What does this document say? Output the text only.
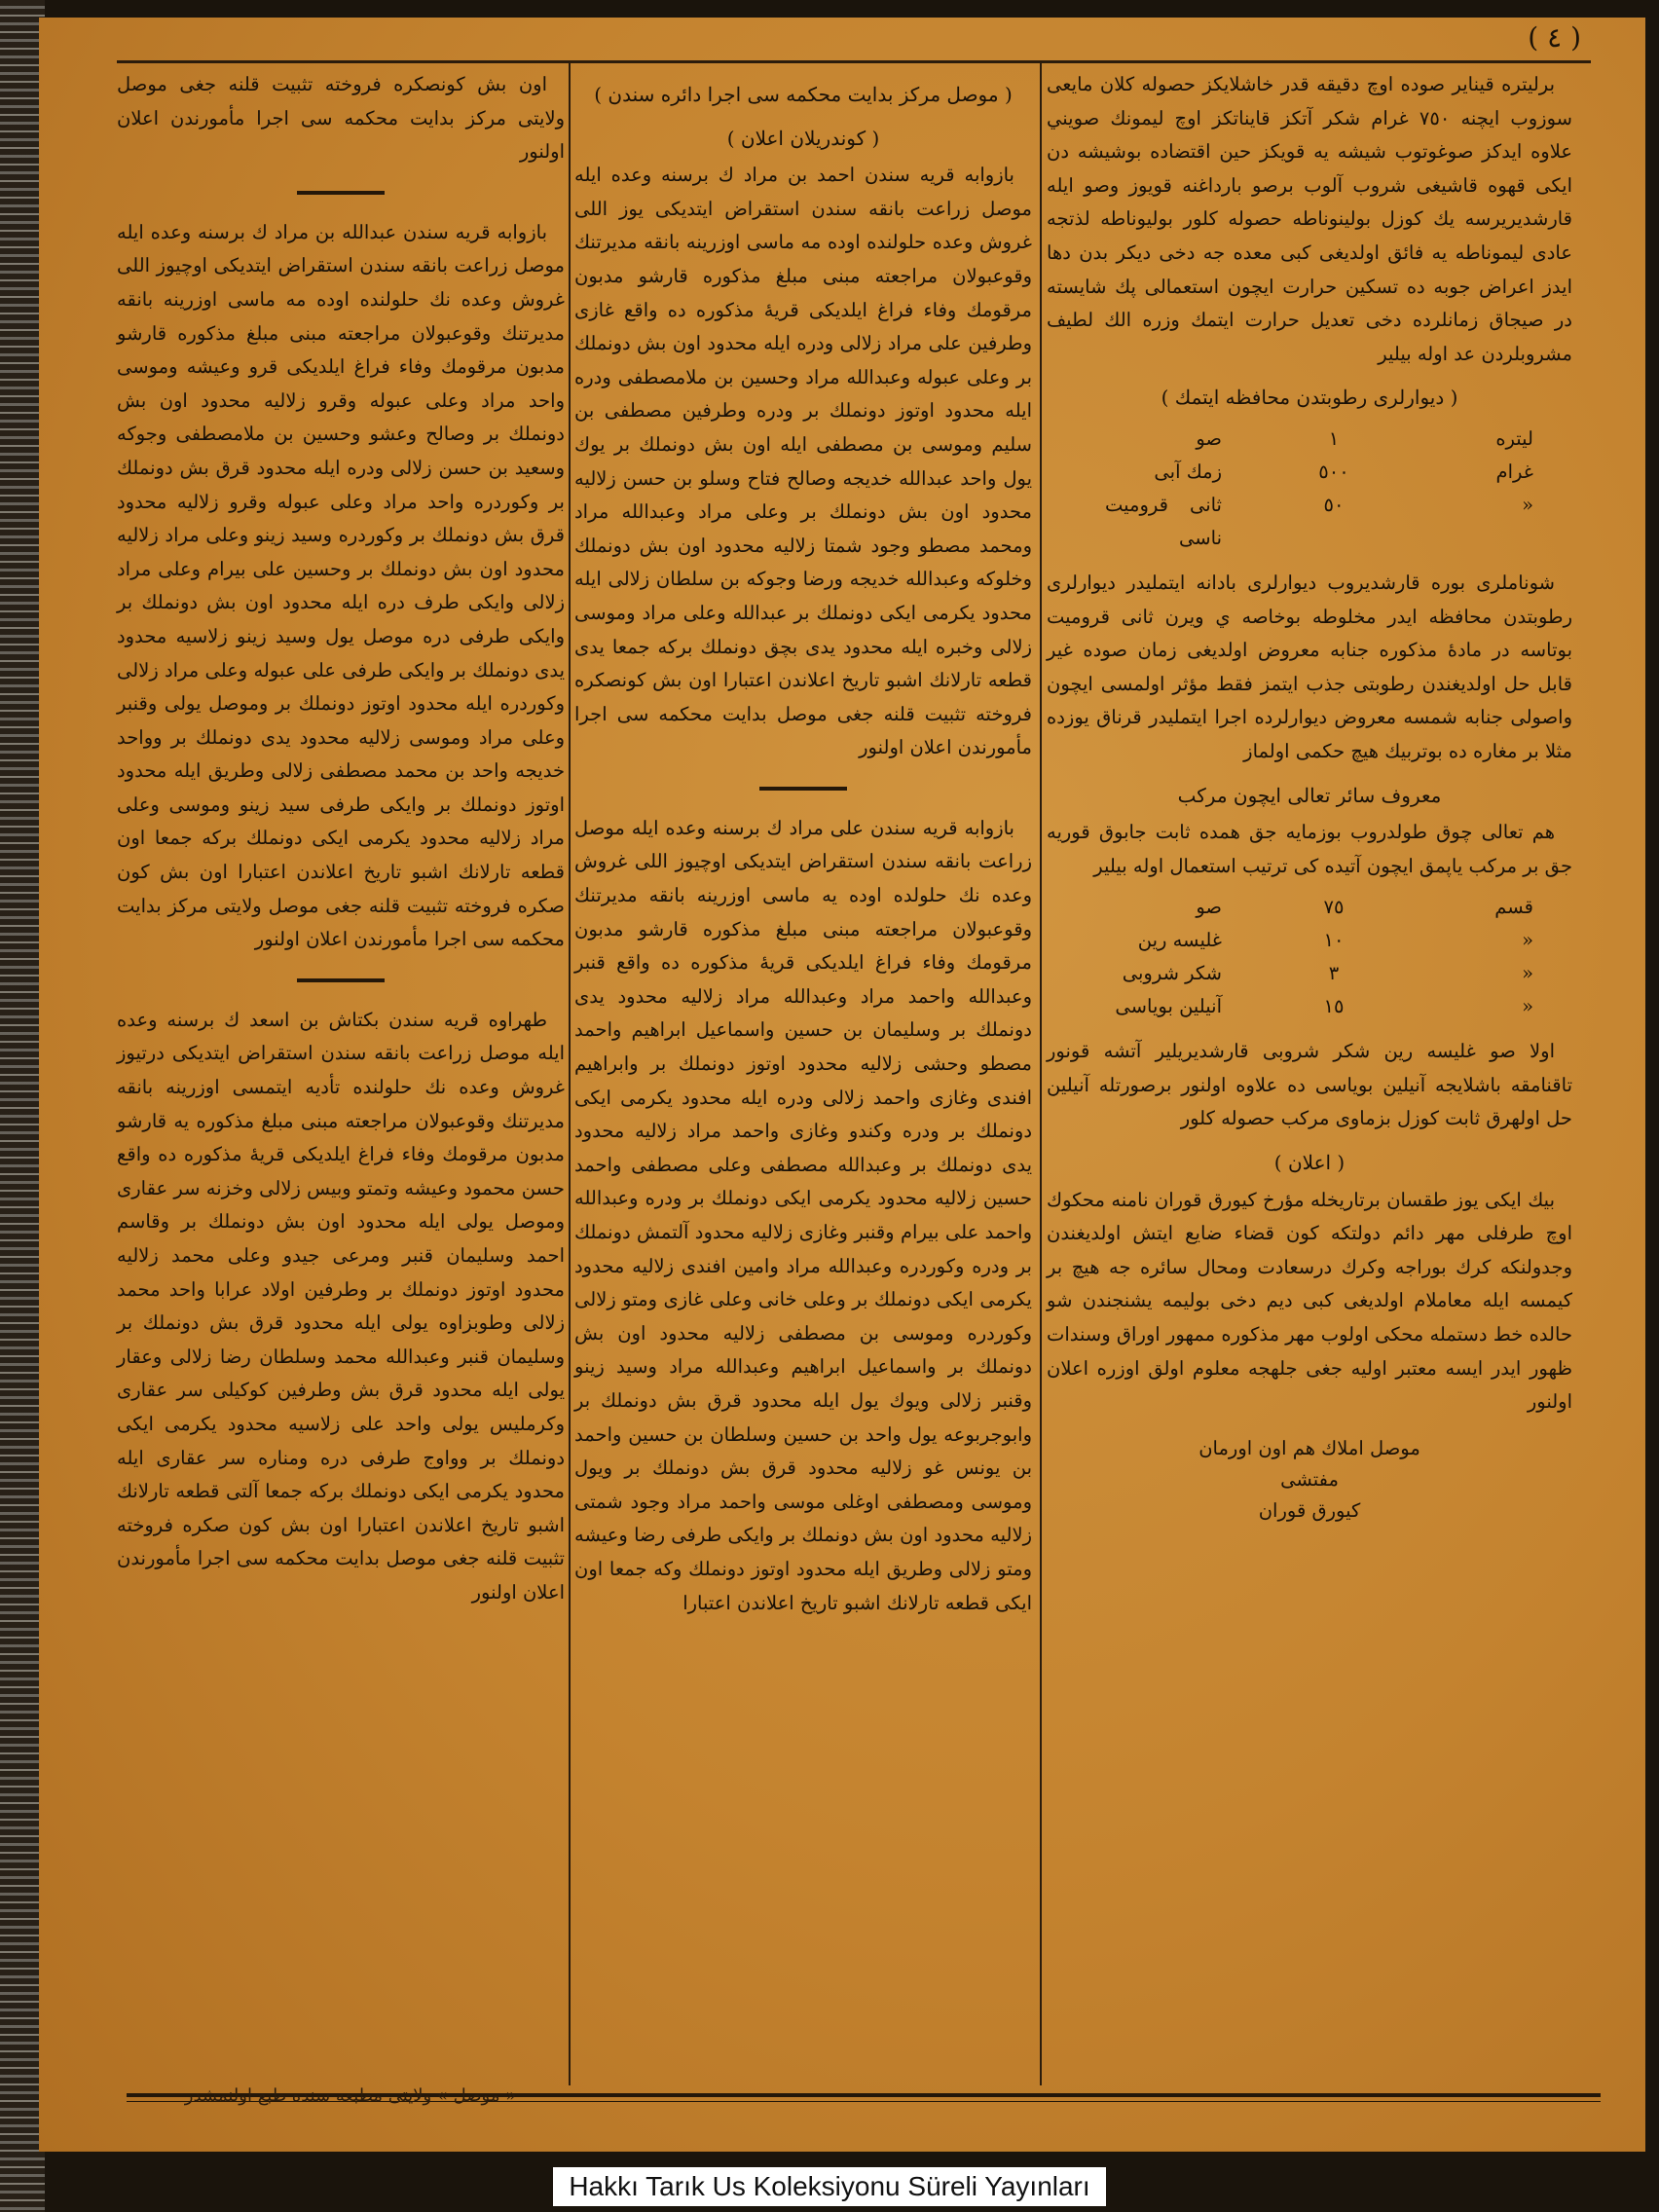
( ٤ )

برليتره قيناير صوده اوچ دقيقه قدر خاشلايكز حصوله كلان مايعى سوزوب ايچنه ٧٥٠ غرام شكر آتكز قايناتكز اوچ ليمونك صويني علاوه ايدكز صوغوتوب شيشه يه قويكز حين اقتضاده بوشيشه دن ايكى قهوه قاشيغى شروب آلوب برصو بارداغنه قويوز وصو ايله قارشديريرسه يك كوزل بولينوناطه حصوله كلور بوليوناطه لذتجه عادى ليموناطه يه فائق اولديغى كبى معده جه دخى ديكر بدن دها ايدز اعراض جوبه ده تسكين حرارت ايچون استعمالى پك شايسته در صيجاق زمانلرده دخى تعديل حرارت ايتمك وزره الك لطيف مشروبلردن عد اوله بيلير

( ديوارلرى رطوبتدن محافظه ايتمك )
ليتره
١
صو
غرام
٥٠٠
زمك آبى
«
٥٠
ثانى قروميت ناسى

شوناملرى بوره قارشديروب ديوارلرى بادانه ايتمليدر ديوارلرى رطوبتدن محافظه ايدر مخلوطه بوخاصه ي ويرن ثانى قروميت بوتاسه در مادهٔ مذكوره جنابه معروض اولديغى زمان صوده غير قابل حل اولديغندن رطوبتى جذب ايتمز فقط مؤثر اولمسى ايچون واصولى جنابه شمسه معروض ديوارلرده اجرا ايتمليدر قرناق يوزده مثلا بر مغاره ده بوتربيك هيچ حكمى اولماز

معروف سائر تعالى ايچون مركب

هم تعالى چوق طولدروب بوزمايه جق همده ثابت جابوق قوريه جق بر مركب ياپمق ايچون آتيده كى ترتيب استعمال اوله بيلير

قسم
٧٥
صو
«
١٠
غليسه رين
«
٣
شكر شروبى
«
١٥
آنيلين بوياسى

اولا صو غليسه رين شكر شروبى قارشديريلير آتشه قونور تاقنامقه باشلايجه آنيلين بوياسى ده علاوه اولنور برصورتله آنيلين حل اولهرق ثابت كوزل بزماوى مركب حصوله كلور

( اعلان )

بيك ايكى يوز طقسان برتاريخله مؤرخ كيورق قوران نامنه محكوك اوچ طرفلى مهر دائم دولتكه كون قضاء ضايع ايتش اولديغندن وجدولنكه كرك بوراجه وكرك درسعادت ومحال سائره جه هيچ بر كيمسه ايله معاملام اولديغى كبى ديم دخى بوليمه يشنجندن شو حالده خط دستمله محكى اولوب مهر مذكوره ممهور اوراق وسندات ظهور ايدر ايسه معتبر اوليه جغى جلهجه معلوم اولق اوزره اعلان اولنور

موصل املاك هم اون اورمان
مفتشى
كيورق قوران
( موصل مركز بدايت محكمه سى اجرا دائره سندن )
( كوندريلان اعلان )

بازوابه قريه سندن احمد بن مراد ك برسنه وعده ايله موصل زراعت بانقه سندن استقراض ايتديكى يوز اللى غروش وعده حلولنده اوده مه ماسى اوزرينه بانقه مديرتنك وقوعبولان مراجعته مبنى مبلغ مذكوره قارشو مدبون مرقومك وفاء فراغ ايلديكى قريهٔ مذكوره ده واقع غازى وطرفين على مراد زلالى ودره ايله محدود اون بش دونملك بر وعلى عبوله وعبدالله مراد وحسين بن ملامصطفى ودره ايله محدود اوتوز دونملك بر ودره وطرفين مصطفى بن سليم وموسى بن مصطفى ايله اون بش دونملك بر يوك يول واحد عبدالله خديجه وصالح فتاح وسلو بن حسن زلاليه محدود اون بش دونملك بر وعلى مراد وعبدالله مراد ومحمد مصطو وجود شمتا زلاليه محدود اون بش دونملك وخلوكه وعبدالله خديجه ورضا وجوكه بن سلطان زلالى ايله محدود يكرمى ايكى دونملك بر عبدالله وعلى مراد وموسى زلالى وخبره ايله محدود يدى بچق دونملك بركه جمعا يدى قطعه تارلانك اشبو تاريخ اعلاندن اعتبارا اون بش كونصكره فروخته تثبيت قلنه جغى موصل بدايت محكمه سى اجرا مأمورندن اعلان اولنور

بازوابه قريه سندن على مراد ك برسنه وعده ايله موصل زراعت بانقه سندن استقراض ايتديكى اوچيوز اللى غروش وعده نك حلولده اوده يه ماسى اوزرينه بانقه مديرتنك وقوعبولان مراجعته مبنى مبلغ مذكوره قارشو مدبون مرقومك وفاء فراغ ايلديكى قريهٔ مذكوره ده واقع قنبر وعبدالله واحمد مراد وعبدالله مراد زلاليه محدود يدى دونملك بر وسليمان بن حسين واسماعيل ابراهيم واحمد مصطو وحشى زلاليه محدود اوتوز دونملك بر وابراهيم افندى وغازى واحمد زلالى ودره ايله محدود يكرمى ايكى دونملك بر ودره وكندو وغازى واحمد مراد زلاليه محدود يدى دونملك بر وعبدالله مصطفى وعلى مصطفى واحمد حسين زلاليه محدود يكرمى ايكى دونملك بر ودره وعبدالله واحمد على بيرام وقنبر وغازى زلاليه محدود آلتمش دونملك بر ودره وكوردره وعبدالله مراد وامين افندى زلاليه محدود يكرمى ايكى دونملك بر وعلى خانى وعلى غازى ومتو زلالى وكوردره وموسى بن مصطفى زلاليه محدود اون بش دونملك بر واسماعيل ابراهيم وعبدالله مراد وسيد زينو وقنبر زلالى ويوك يول ايله محدود قرق بش دونملك بر وابوجربوعه يول واحد بن حسين وسلطان بن حسين واحمد بن يونس غو زلاليه محدود قرق بش دونملك بر ويول وموسى ومصطفى اوغلى موسى واحمد مراد وجود شمتى زلاليه محدود اون بش دونملك بر وايكى طرفى رضا وعيشه ومتو زلالى وطريق ايله محدود اوتوز دونملك وكه جمعا اون ايكى قطعه تارلانك اشبو تاريخ اعلاندن اعتبارا

اون بش كونصكره فروخته تثبيت قلنه جغى موصل ولايتى مركز بدايت محكمه سى اجرا مأمورندن اعلان اولنور

بازوابه قريه سندن عبدالله بن مراد ك برسنه وعده ايله موصل زراعت بانقه سندن استقراض ايتديكى اوچيوز اللى غروش وعده نك حلولنده اوده مه ماسى اوزرينه بانقه مديرتنك وقوعبولان مراجعته مبنى مبلغ مذكوره قارشو مدبون مرقومك وفاء فراغ ايلديكى قرو وعيشه وموسى واحد مراد وعلى عبوله وقرو زلاليه محدود اون بش دونملك بر وصالح وعشو وحسين بن ملامصطفى وجوكه وسعيد بن حسن زلالى ودره ايله محدود قرق بش دونملك بر وكوردره واحد مراد وعلى عبوله وقرو زلاليه محدود قرق بش دونملك بر وكوردره وسيد زينو وعلى مراد زلاليه محدود اون بش دونملك بر وحسين على بيرام وعلى مراد زلالى وايكى طرف دره ايله محدود اون بش دونملك بر وايكى طرفى دره موصل يول وسيد زينو زلاسيه محدود يدى دونملك بر وايكى طرفى على عبوله وعلى مراد زلالى وكوردره ايله محدود اوتوز دونملك بر وموصل يولى وقنبر وعلى مراد وموسى زلاليه محدود يدى دونملك بر وواحد خديجه واحد بن محمد مصطفى زلالى وطريق ايله محدود اوتوز دونملك بر وايكى طرفى سيد زينو وموسى وعلى مراد زلاليه محدود يكرمى ايكى دونملك بركه جمعا اون قطعه تارلانك اشبو تاريخ اعلاندن اعتبارا اون بش كون صكره فروخته تثبيت قلنه جغى موصل ولايتى مركز بدايت محكمه سى اجرا مأمورندن اعلان اولنور

طهراوه قريه سندن بكتاش بن اسعد ك برسنه وعده ايله موصل زراعت بانقه سندن استقراض ايتديكى درتيوز غروش وعده نك حلولنده تأديه ايتمسى اوزرينه بانقه مديرتنك وقوعبولان مراجعته مبنى مبلغ مذكوره يه قارشو مدبون مرقومك وفاء فراغ ايلديكى قريهٔ مذكوره ده واقع حسن محمود وعيشه وتمتو وبيس زلالى وخزنه سر عقارى وموصل يولى ايله محدود اون بش دونملك بر وقاسم احمد وسليمان قنبر ومرعى جيدو وعلى محمد زلاليه محدود اوتوز دونملك بر وطرفين اولاد عرابا واحد محمد زلالى وطوبزاوه يولى ايله محدود قرق بش دونملك بر وسليمان قنبر وعبدالله محمد وسلطان رضا زلالى وعقار يولى ايله محدود قرق بش وطرفين كوكيلى سر عقارى وكرمليس يولى واحد على زلاسيه محدود يكرمى ايكى دونملك بر وواوج طرفى دره ومناره سر عقارى ايله محدود يكرمى ايكى دونملك بركه جمعا آلتى قطعه تارلانك اشبو تاريخ اعلاندن اعتبارا اون بش كون صكره فروخته تثبيت قلنه جغى موصل بدايت محكمه سى اجرا مأمورندن اعلان اولنور

« موصل » ولايتى مطبعه سنده طبع اولنمشدر
Hakkı Tarık Us Koleksiyonu Süreli Yayınları
